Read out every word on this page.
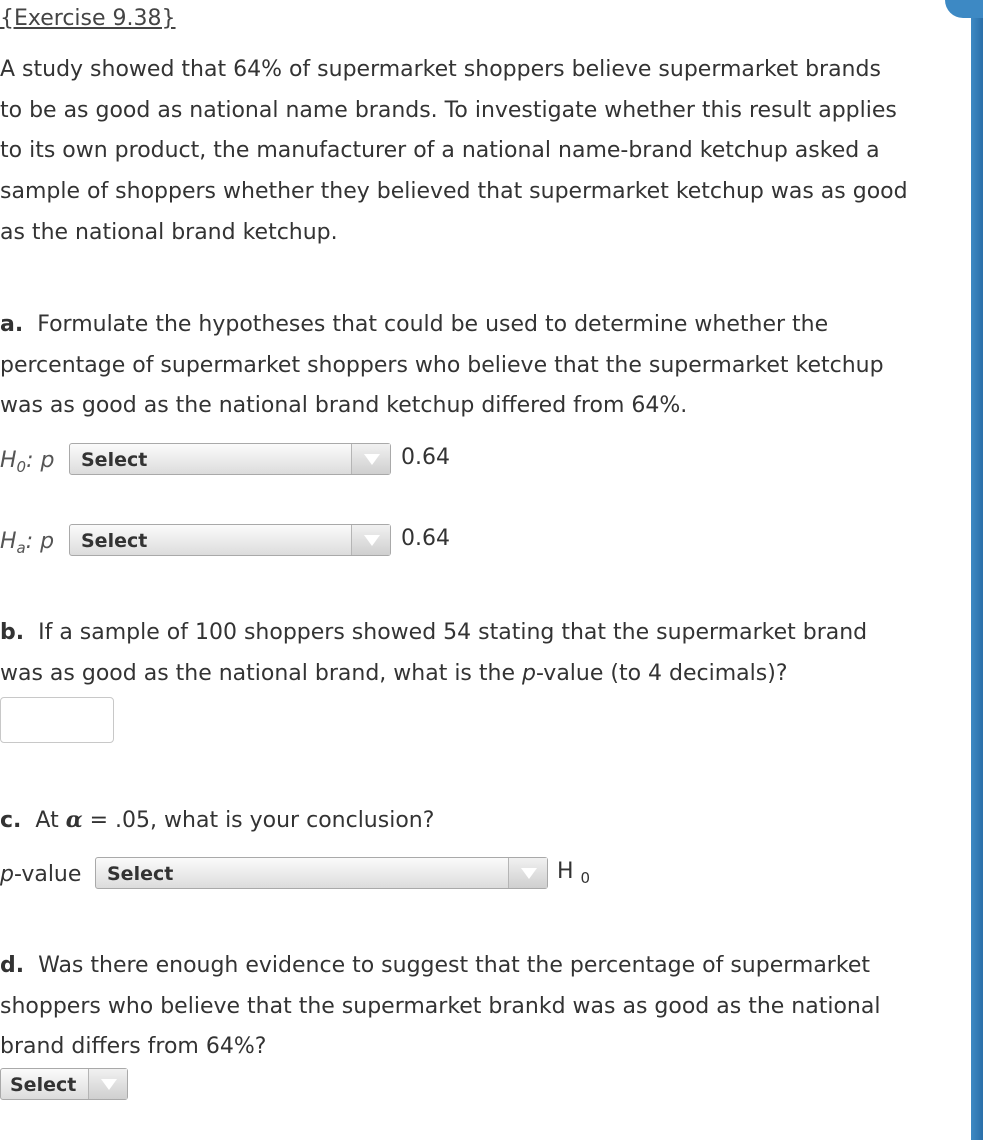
{Exercise 9.38}
A study showed that 64% of supermarket shoppers believe supermarket brands
to be as good as national name brands. To investigate whether this result applies
to its own product, the manufacturer of a national name-brand ketchup asked a
sample of shoppers whether they believed that supermarket ketchup was as good
as the national brand ketchup.
a. Formulate the hypotheses that could be used to determine whether the
percentage of supermarket shoppers who believe that the supermarket ketchup
was as good as the national brand ketchup differed from 64%.
$H_0$: p Select	0.64
$H_a$: p Select	0.64
b. If a sample of 100 shoppers showed 54 stating that the supermarket brand
was as good as the national brand, what is the p-value (to 4 decimals)?
c. At α = .05, what is your conclusion?
p-value Select	H $_0$
d. Was there enough evidence to suggest that the percentage of supermarket
shoppers who believe that the supermarket brankd was as good as the national
brand differs from 64%?
Select
